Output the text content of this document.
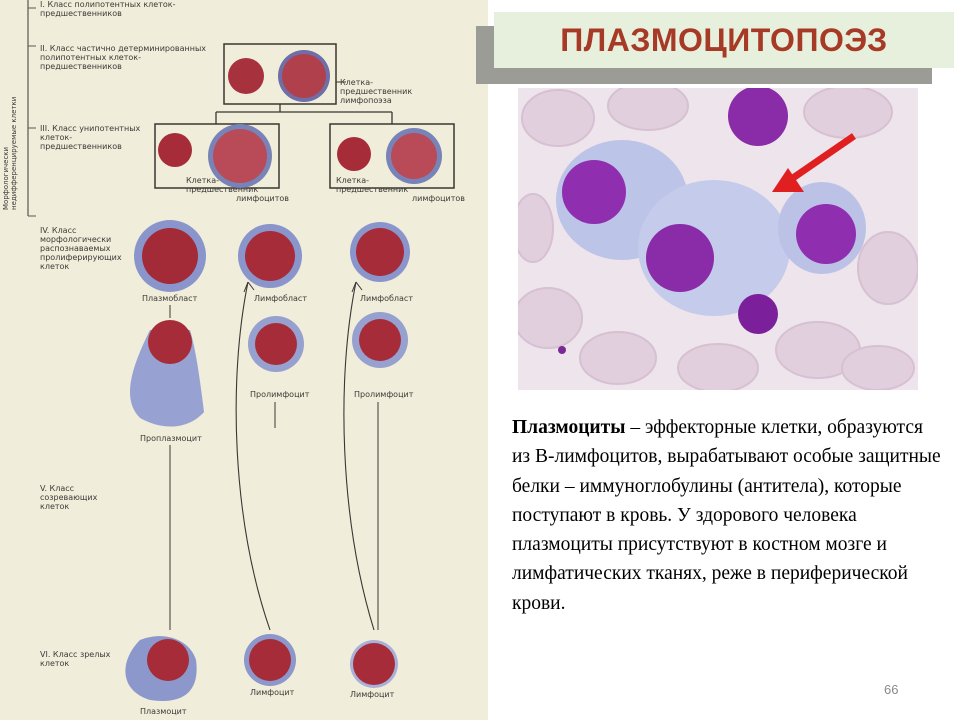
Морфологически недифференцируемые клетки
I. Класс полипотентных клеток-предшественников
II. Класс частично детерминированных полипотентных клеток-предшественников
III. Класс унипотентных клеток-предшественников
IV. Класс морфологически распознаваемых пролиферирующих клеток
V. Класс созревающих клеток
VI. Класс зрелых клеток
Клетка-предшественник лимфопоэза
Клетка-предшественник
лимфоцитов
Клетка-предшественник
лимфоцитов
Плазмобласт	Лимфобласт	Лимфобласт
Проплазмоцит
Пролимфоцит	Пролимфоцит
Плазмоцит
Лимфоцит	Лимфоцит
ПЛАЗМОЦИТОПОЭЗ
Плазмоциты – эффекторные клетки, образуются из В-лимфоцитов, вырабатывают особые защитные белки – иммуноглобулины (антитела), которые поступают в кровь. У здорового человека плазмоциты присутствуют в костном мозге и лимфатических тканях, реже в периферической крови.
66
